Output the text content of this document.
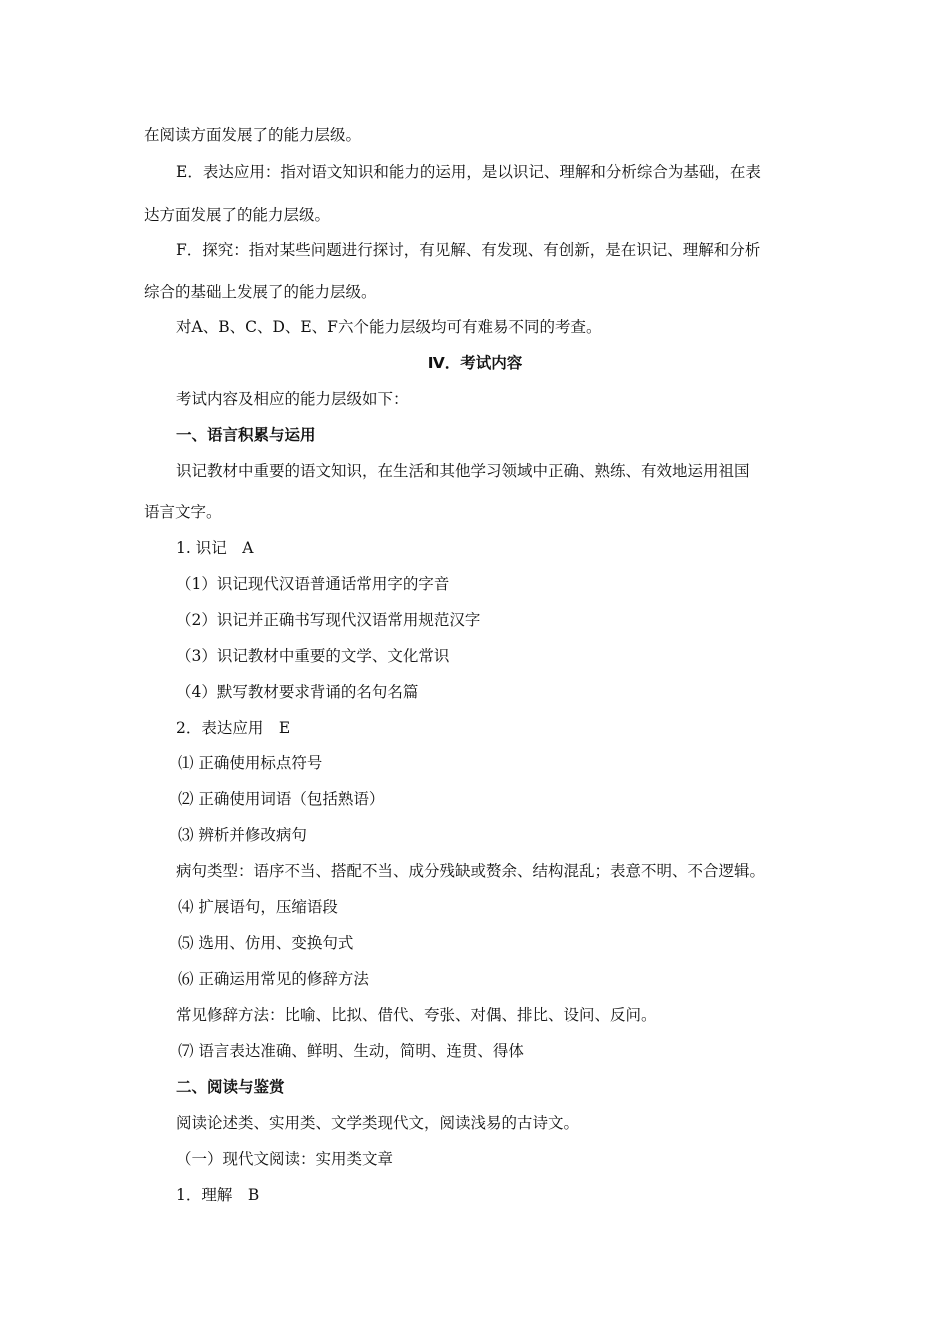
在阅读方面发展了的能力层级。

E．表达应用：指对语文知识和能力的运用，是以识记、理解和分析综合为基础，在表

达方面发展了的能力层级。

F．探究：指对某些问题进行探讨，有见解、有发现、有创新，是在识记、理解和分析

综合的基础上发展了的能力层级。

对A、B、C、D、E、F六个能力层级均可有难易不同的考查。

Ⅳ．考试内容

考试内容及相应的能力层级如下：

一、语言积累与运用

识记教材中重要的语文知识，在生活和其他学习领域中正确、熟练、有效地运用祖国

语言文字。

1. 识记　A

（1）识记现代汉语普通话常用字的字音

（2）识记并正确书写现代汉语常用规范汉字

（3）识记教材中重要的文学、文化常识

（4）默写教材要求背诵的名句名篇

2．表达应用　E

⑴ 正确使用标点符号

⑵ 正确使用词语（包括熟语）

⑶ 辨析并修改病句

病句类型：语序不当、搭配不当、成分残缺或赘余、结构混乱；表意不明、不合逻辑。

⑷ 扩展语句，压缩语段

⑸ 选用、仿用、变换句式

⑹ 正确运用常见的修辞方法

常见修辞方法：比喻、比拟、借代、夸张、对偶、排比、设问、反问。

⑺ 语言表达准确、鲜明、生动，简明、连贯、得体

二、阅读与鉴赏

阅读论述类、实用类、文学类现代文，阅读浅易的古诗文。

（一）现代文阅读：实用类文章

1．理解　B
